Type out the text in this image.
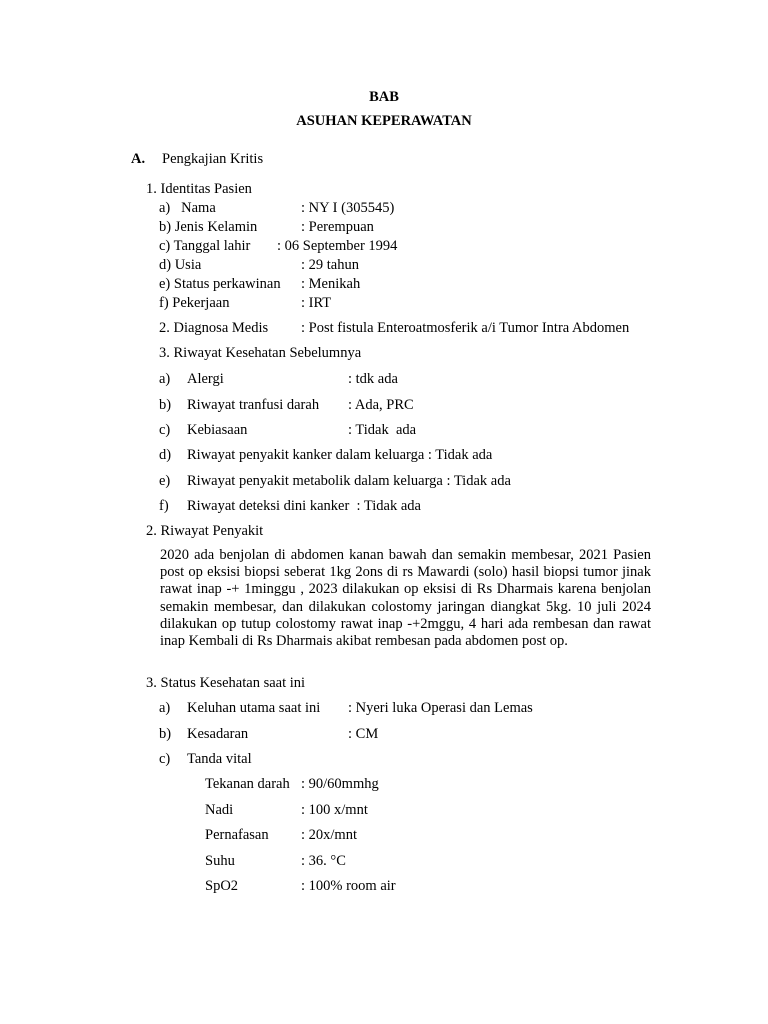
BAB
ASUHAN KEPERAWATAN
A. Pengkajian Kritis
1. Identitas Pasien
a)   Nama	: NY I (305545)
b) Jenis Kelamin	: Perempuan
c) Tanggal lahir : 06 September 1994
d) Usia	: 29 tahun
e) Status perkawinan : Menikah
f) Pekerjaan	: IRT
2. Diagnosa Medis : Post fistula Enteroatmosferik a/i Tumor Intra Abdomen
3. Riwayat Kesehatan Sebelumnya
a) Alergi	: tdk ada
b) Riwayat tranfusi darah : Ada, PRC
c) Kebiasaan	: Tidak  ada
d) Riwayat penyakit kanker dalam keluarga : Tidak ada
e) Riwayat penyakit metabolik dalam keluarga : Tidak ada
f) Riwayat deteksi dini kanker  : Tidak ada
2. Riwayat Penyakit
2020 ada benjolan di abdomen kanan bawah dan semakin membesar, 2021 Pasien post op eksisi biopsi seberat 1kg 2ons di rs Mawardi (solo) hasil biopsi tumor jinak rawat inap -+ 1minggu , 2023 dilakukan op eksisi di Rs Dharmais karena benjolan semakin membesar, dan dilakukan colostomy jaringan diangkat 5kg. 10 juli 2024 dilakukan op tutup colostomy rawat inap -+2mggu, 4 hari ada rembesan dan rawat inap Kembali di Rs Dharmais akibat rembesan pada abdomen post op.
3. Status Kesehatan saat ini
a) Keluhan utama saat ini : Nyeri luka Operasi dan Lemas
b) Kesadaran	: CM
c) Tanda vital
Tekanan darah : 90/60mmhg
Nadi	: 100 x/mnt
Pernafasan : 20x/mnt
Suhu	: 36. °C
SpO2	: 100% room air
